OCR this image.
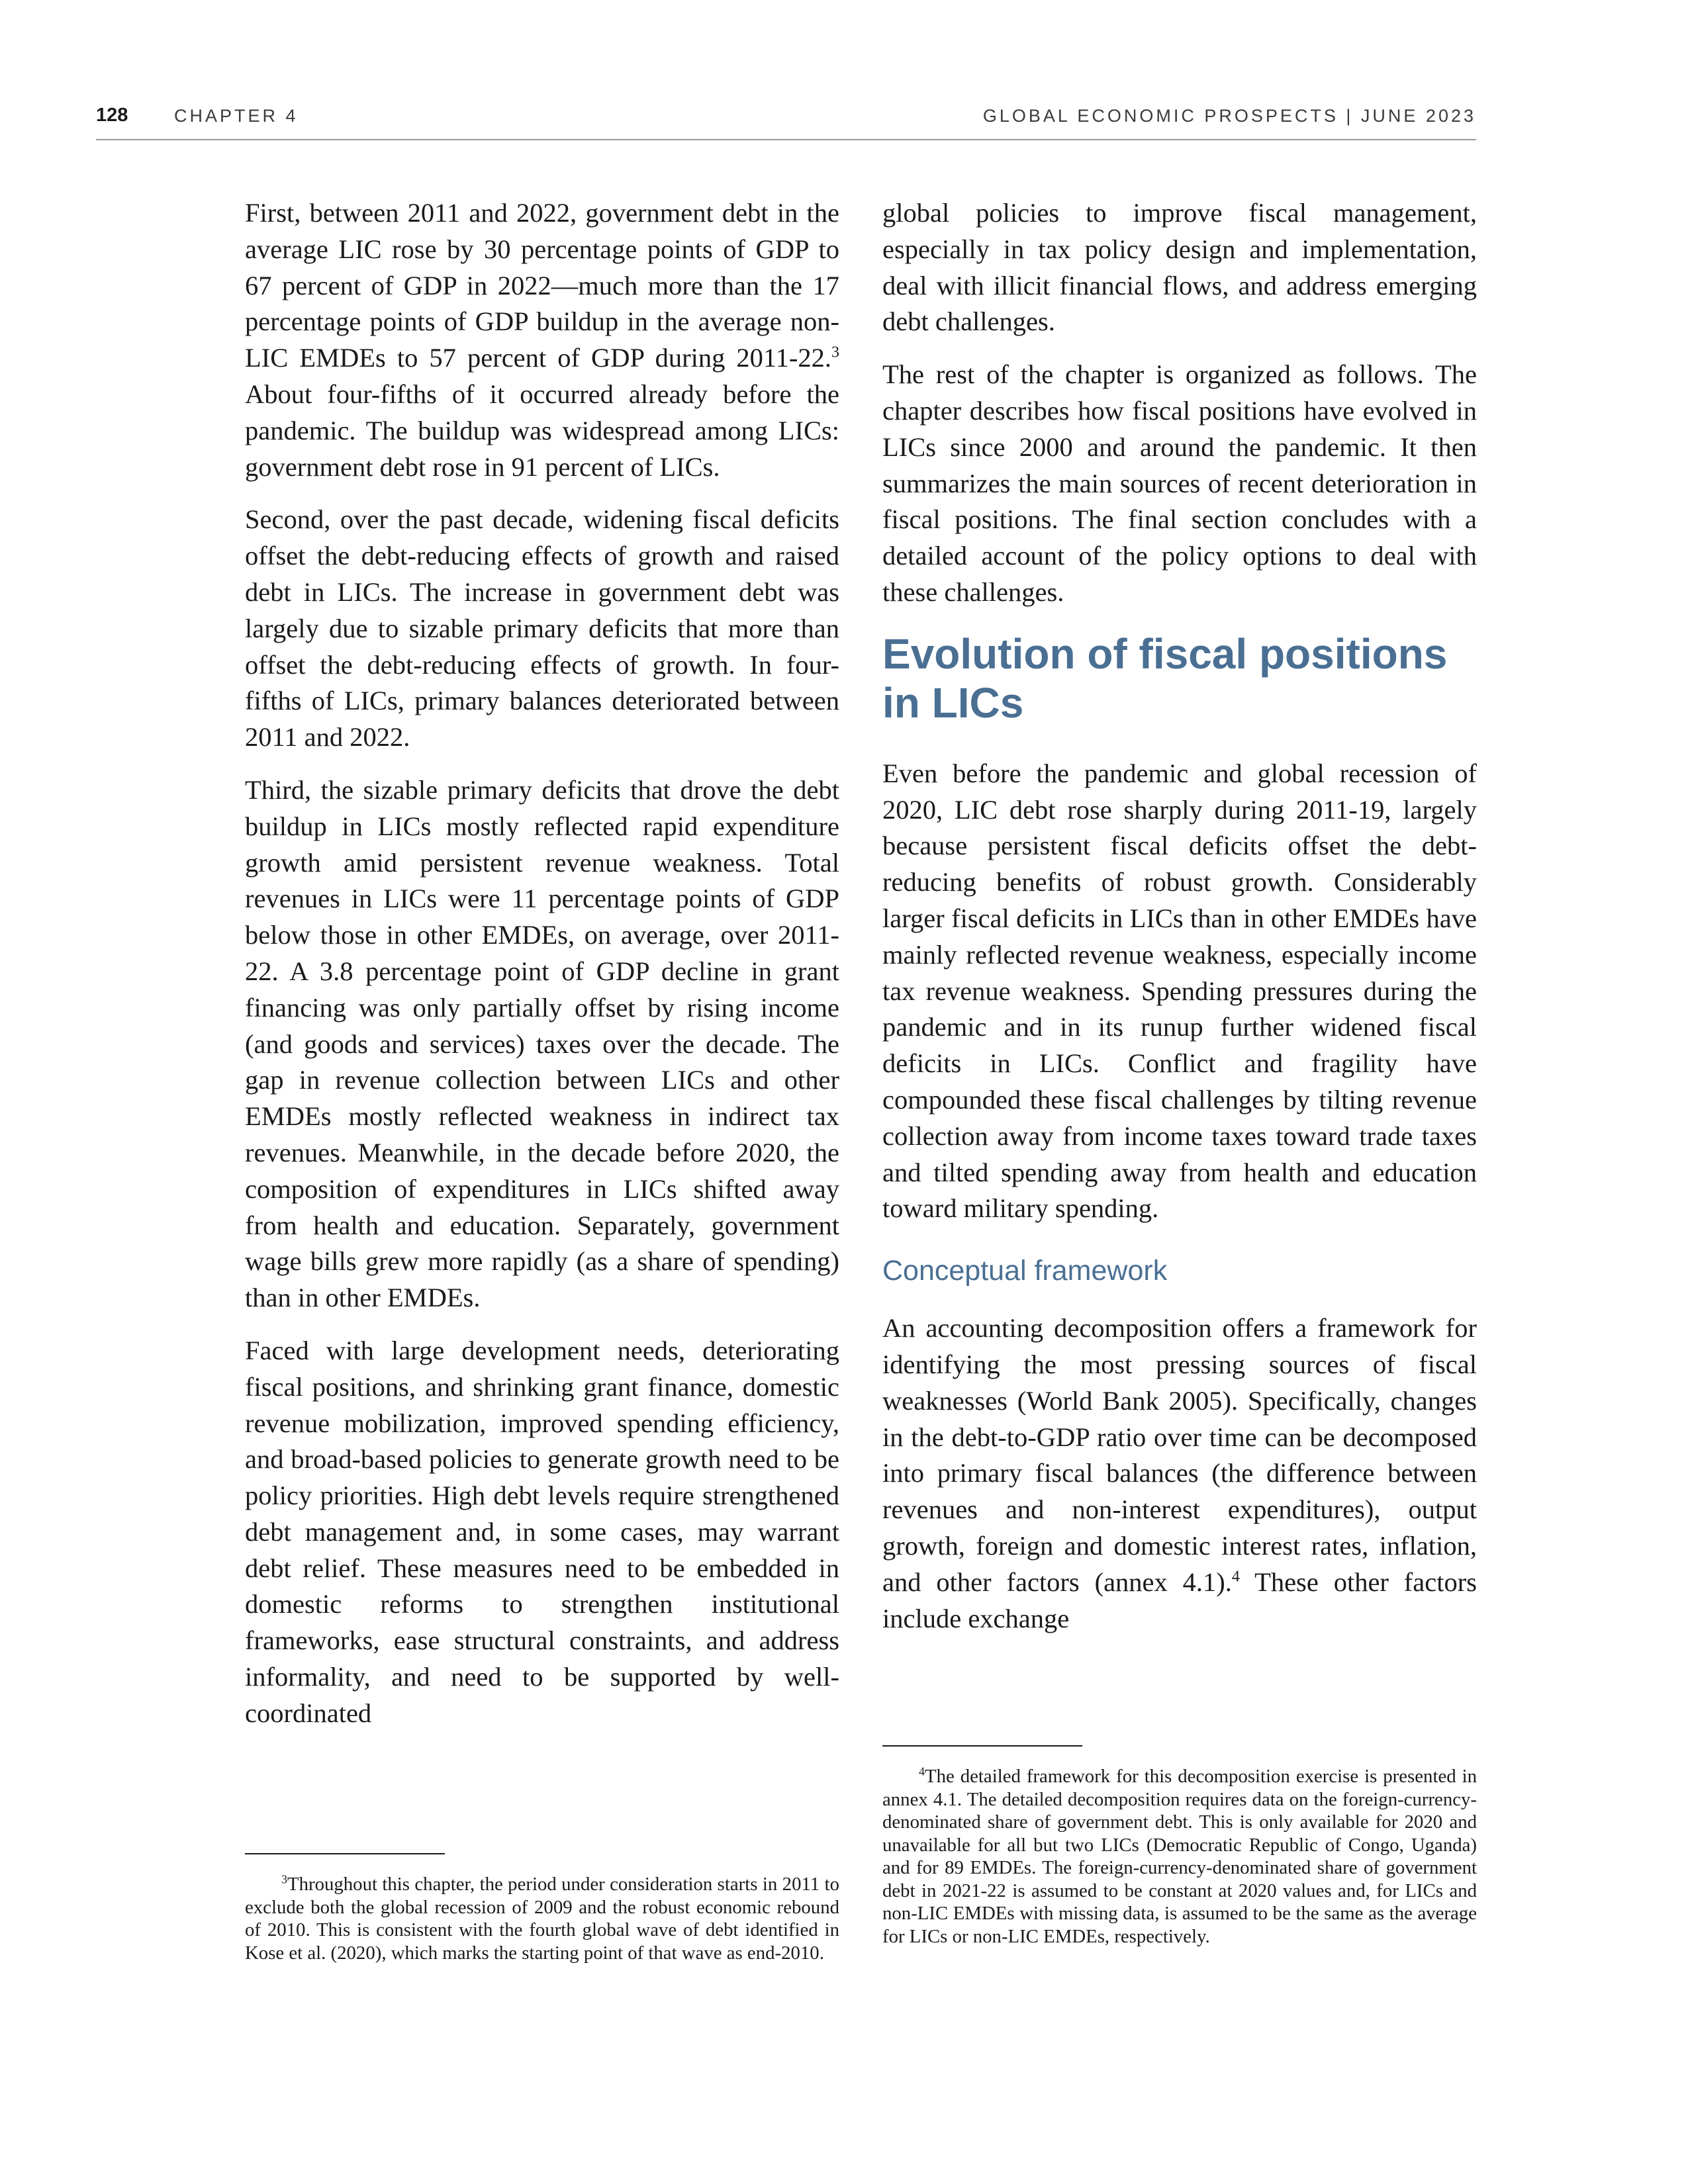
128	CHAPTER 4	GLOBAL ECONOMIC PROSPECTS | JUNE 2023

First, between 2011 and 2022, government debt in the average LIC rose by 30 percentage points of GDP to 67 percent of GDP in 2022—much more than the 17 percentage points of GDP buildup in the average non-LIC EMDEs to 57 percent of GDP during 2011-22.$^3$ About four-fifths of it occurred already before the pandemic. The buildup was widespread among LICs: government debt rose in 91 percent of LICs.

Second, over the past decade, widening fiscal deficits offset the debt-reducing effects of growth and raised debt in LICs. The increase in government debt was largely due to sizable primary deficits that more than offset the debt-reducing effects of growth. In four-fifths of LICs, primary balances deteriorated between 2011 and 2022.

Third, the sizable primary deficits that drove the debt buildup in LICs mostly reflected rapid expenditure growth amid persistent revenue weakness. Total revenues in LICs were 11 percentage points of GDP below those in other EMDEs, on average, over 2011-22. A 3.8 percentage point of GDP decline in grant financing was only partially offset by rising income (and goods and services) taxes over the decade. The gap in revenue collection between LICs and other EMDEs mostly reflected weakness in indirect tax revenues. Meanwhile, in the decade before 2020, the composition of expenditures in LICs shifted away from health and education. Separately, government wage bills grew more rapidly (as a share of spending) than in other EMDEs.

Faced with large development needs, deteriorating fiscal positions, and shrinking grant finance, domestic revenue mobilization, improved spending efficiency, and broad-based policies to generate growth need to be policy priorities. High debt levels require strengthened debt management and, in some cases, may warrant debt relief. These measures need to be embedded in domestic reforms to strengthen institutional frameworks, ease structural constraints, and address informality, and need to be supported by well-coordinated

global policies to improve fiscal management, especially in tax policy design and implementation, deal with illicit financial flows, and address emerging debt challenges.

The rest of the chapter is organized as follows. The chapter describes how fiscal positions have evolved in LICs since 2000 and around the pandemic. It then summarizes the main sources of recent deterioration in fiscal positions. The final section concludes with a detailed account of the policy options to deal with these challenges.

Evolution of fiscal positions in LICs

Even before the pandemic and global recession of 2020, LIC debt rose sharply during 2011-19, largely because persistent fiscal deficits offset the debt-reducing benefits of robust growth. Considerably larger fiscal deficits in LICs than in other EMDEs have mainly reflected revenue weakness, especially income tax revenue weakness. Spending pressures during the pandemic and in its runup further widened fiscal deficits in LICs. Conflict and fragility have compounded these fiscal challenges by tilting revenue collection away from income taxes toward trade taxes and tilted spending away from health and education toward military spending.

Conceptual framework

An accounting decomposition offers a framework for identifying the most pressing sources of fiscal weaknesses (World Bank 2005). Specifically, changes in the debt-to-GDP ratio over time can be decomposed into primary fiscal balances (the difference between revenues and non-interest expenditures), output growth, foreign and domestic interest rates, inflation, and other factors (annex 4.1).$^4$ These other factors include exchange

$^3$Throughout this chapter, the period under consideration starts in 2011 to exclude both the global recession of 2009 and the robust economic rebound of 2010. This is consistent with the fourth global wave of debt identified in Kose et al. (2020), which marks the starting point of that wave as end-2010.

$^4$The detailed framework for this decomposition exercise is presented in annex 4.1. The detailed decomposition requires data on the foreign-currency-denominated share of government debt. This is only available for 2020 and unavailable for all but two LICs (Democratic Republic of Congo, Uganda) and for 89 EMDEs. The foreign-currency-denominated share of government debt in 2021-22 is assumed to be constant at 2020 values and, for LICs and non-LIC EMDEs with missing data, is assumed to be the same as the average for LICs or non-LIC EMDEs, respectively.
